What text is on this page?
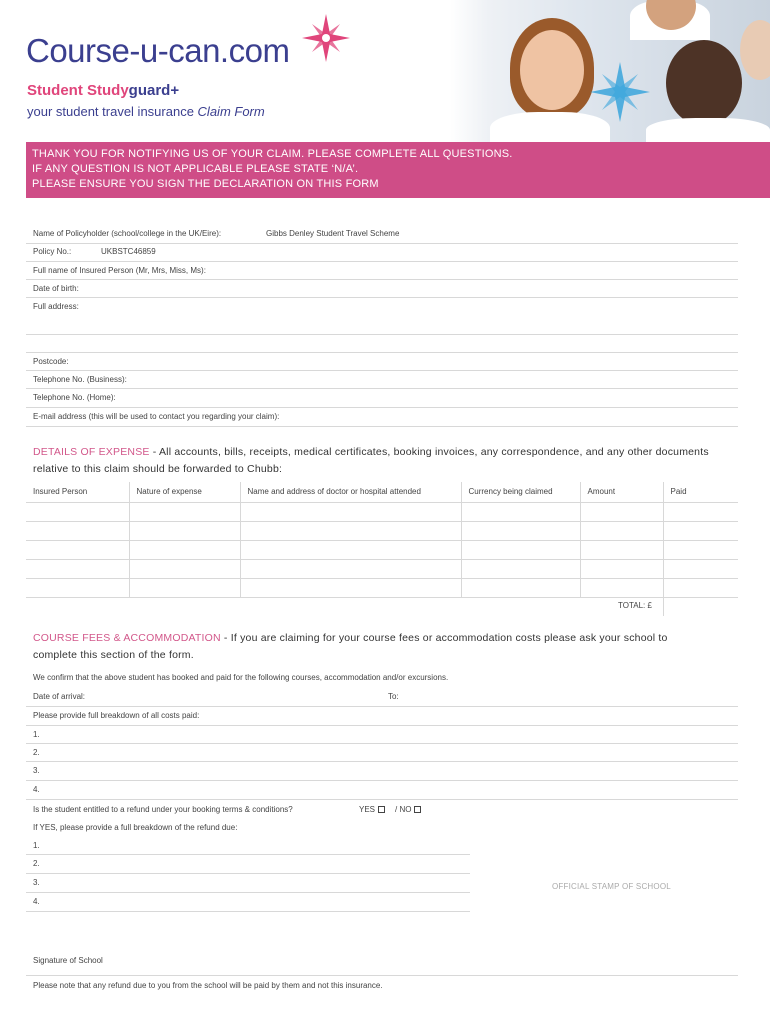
Course-u-can.com
Student Studyguard+
your student travel insurance Claim Form
THANK YOU FOR NOTIFYING US OF YOUR CLAIM. PLEASE COMPLETE ALL QUESTIONS.
IF ANY QUESTION IS NOT APPLICABLE PLEASE STATE ‘N/A’.
PLEASE ENSURE YOU SIGN THE DECLARATION ON THIS FORM
Name of Policyholder (school/college in the UK/Eire):	Gibbs Denley Student Travel Scheme
Policy No.:	UKBSTC46859
Full name of Insured Person (Mr, Mrs, Miss, Ms):
Date of birth:
Full address:
Postcode:
Telephone No. (Business):
Telephone No. (Home):
E-mail address (this will be used to contact you regarding your claim):
DETAILS OF EXPENSE - All accounts, bills, receipts, medical certificates, booking invoices, any correspondence, and any other documents
relative to this claim should be forwarded to Chubb:
Insured Person	Nature of expense	Name and address of doctor or hospital attended	Currency being claimed	Amount	Paid

TOTAL: £
COURSE FEES & ACCOMMODATION - If you are claiming for your course fees or accommodation costs please ask your school to
complete this section of the form.
We confirm that the above student has booked and paid for the following courses, accommodation and/or excursions.
Date of arrival:	To:
Please provide full breakdown of all costs paid:
1.
2.
3.
4.
Is the student entitled to a refund under your booking terms & conditions?	YES	/ NO
If YES, please provide a full breakdown of the refund due:
1.
2.
3.
4.
OFFICIAL STAMP OF SCHOOL
Signature of School
Please note that any refund due to you from the school will be paid by them and not this insurance.
